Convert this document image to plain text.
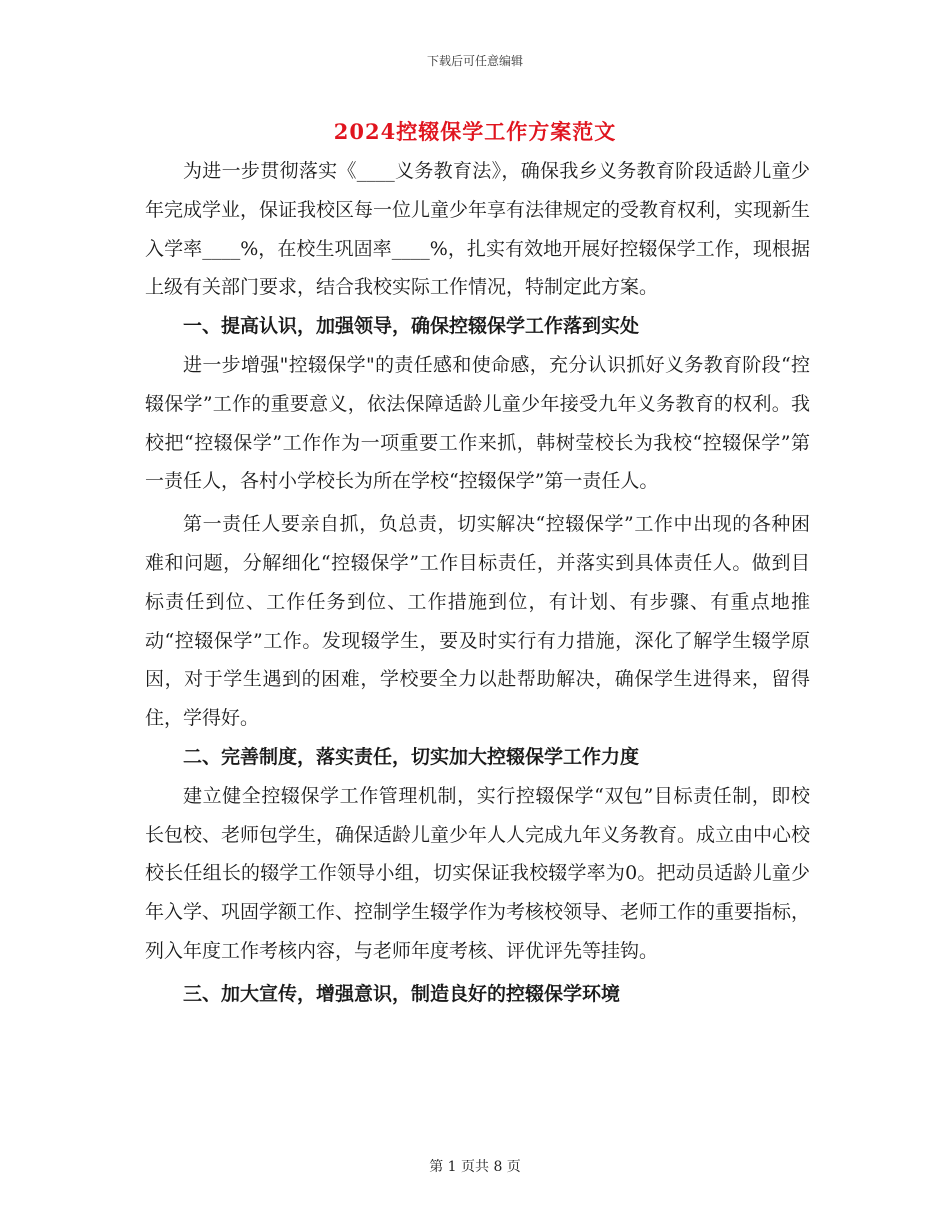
下载后可任意编辑
2024控辍保学工作方案范文

为进一步贯彻落实《____义务教育法》，确保我乡义务教育阶段适龄儿童少年完成学业，保证我校区每一位儿童少年享有法律规定的受教育权利，实现新生入学率____%，在校生巩固率____%，扎实有效地开展好控辍保学工作，现根据上级有关部门要求，结合我校实际工作情况，特制定此方案。

一、提高认识，加强领导，确保控辍保学工作落到实处

进一步增强"控辍保学"的责任感和使命感，充分认识抓好义务教育阶段“控辍保学”工作的重要意义，依法保障适龄儿童少年接受九年义务教育的权利。我校把“控辍保学”工作作为一项重要工作来抓，韩树莹校长为我校“控辍保学”第一责任人，各村小学校长为所在学校“控辍保学”第一责任人。

第一责任人要亲自抓，负总责，切实解决“控辍保学”工作中出现的各种困难和问题，分解细化“控辍保学”工作目标责任，并落实到具体责任人。做到目标责任到位、工作任务到位、工作措施到位，有计划、有步骤、有重点地推动“控辍保学”工作。发现辍学生，要及时实行有力措施，深化了解学生辍学原因，对于学生遇到的困难，学校要全力以赴帮助解决，确保学生进得来，留得住，学得好。

二、完善制度，落实责任，切实加大控辍保学工作力度

建立健全控辍保学工作管理机制，实行控辍保学“双包”目标责任制，即校长包校、老师包学生，确保适龄儿童少年人人完成九年义务教育。成立由中心校校长任组长的辍学工作领导小组，切实保证我校辍学率为0。把动员适龄儿童少年入学、巩固学额工作、控制学生辍学作为考核校领导、老师工作的重要指标，列入年度工作考核内容，与老师年度考核、评优评先等挂钩。

三、加大宣传，增强意识，制造良好的控辍保学环境

第 1 页共 8 页
